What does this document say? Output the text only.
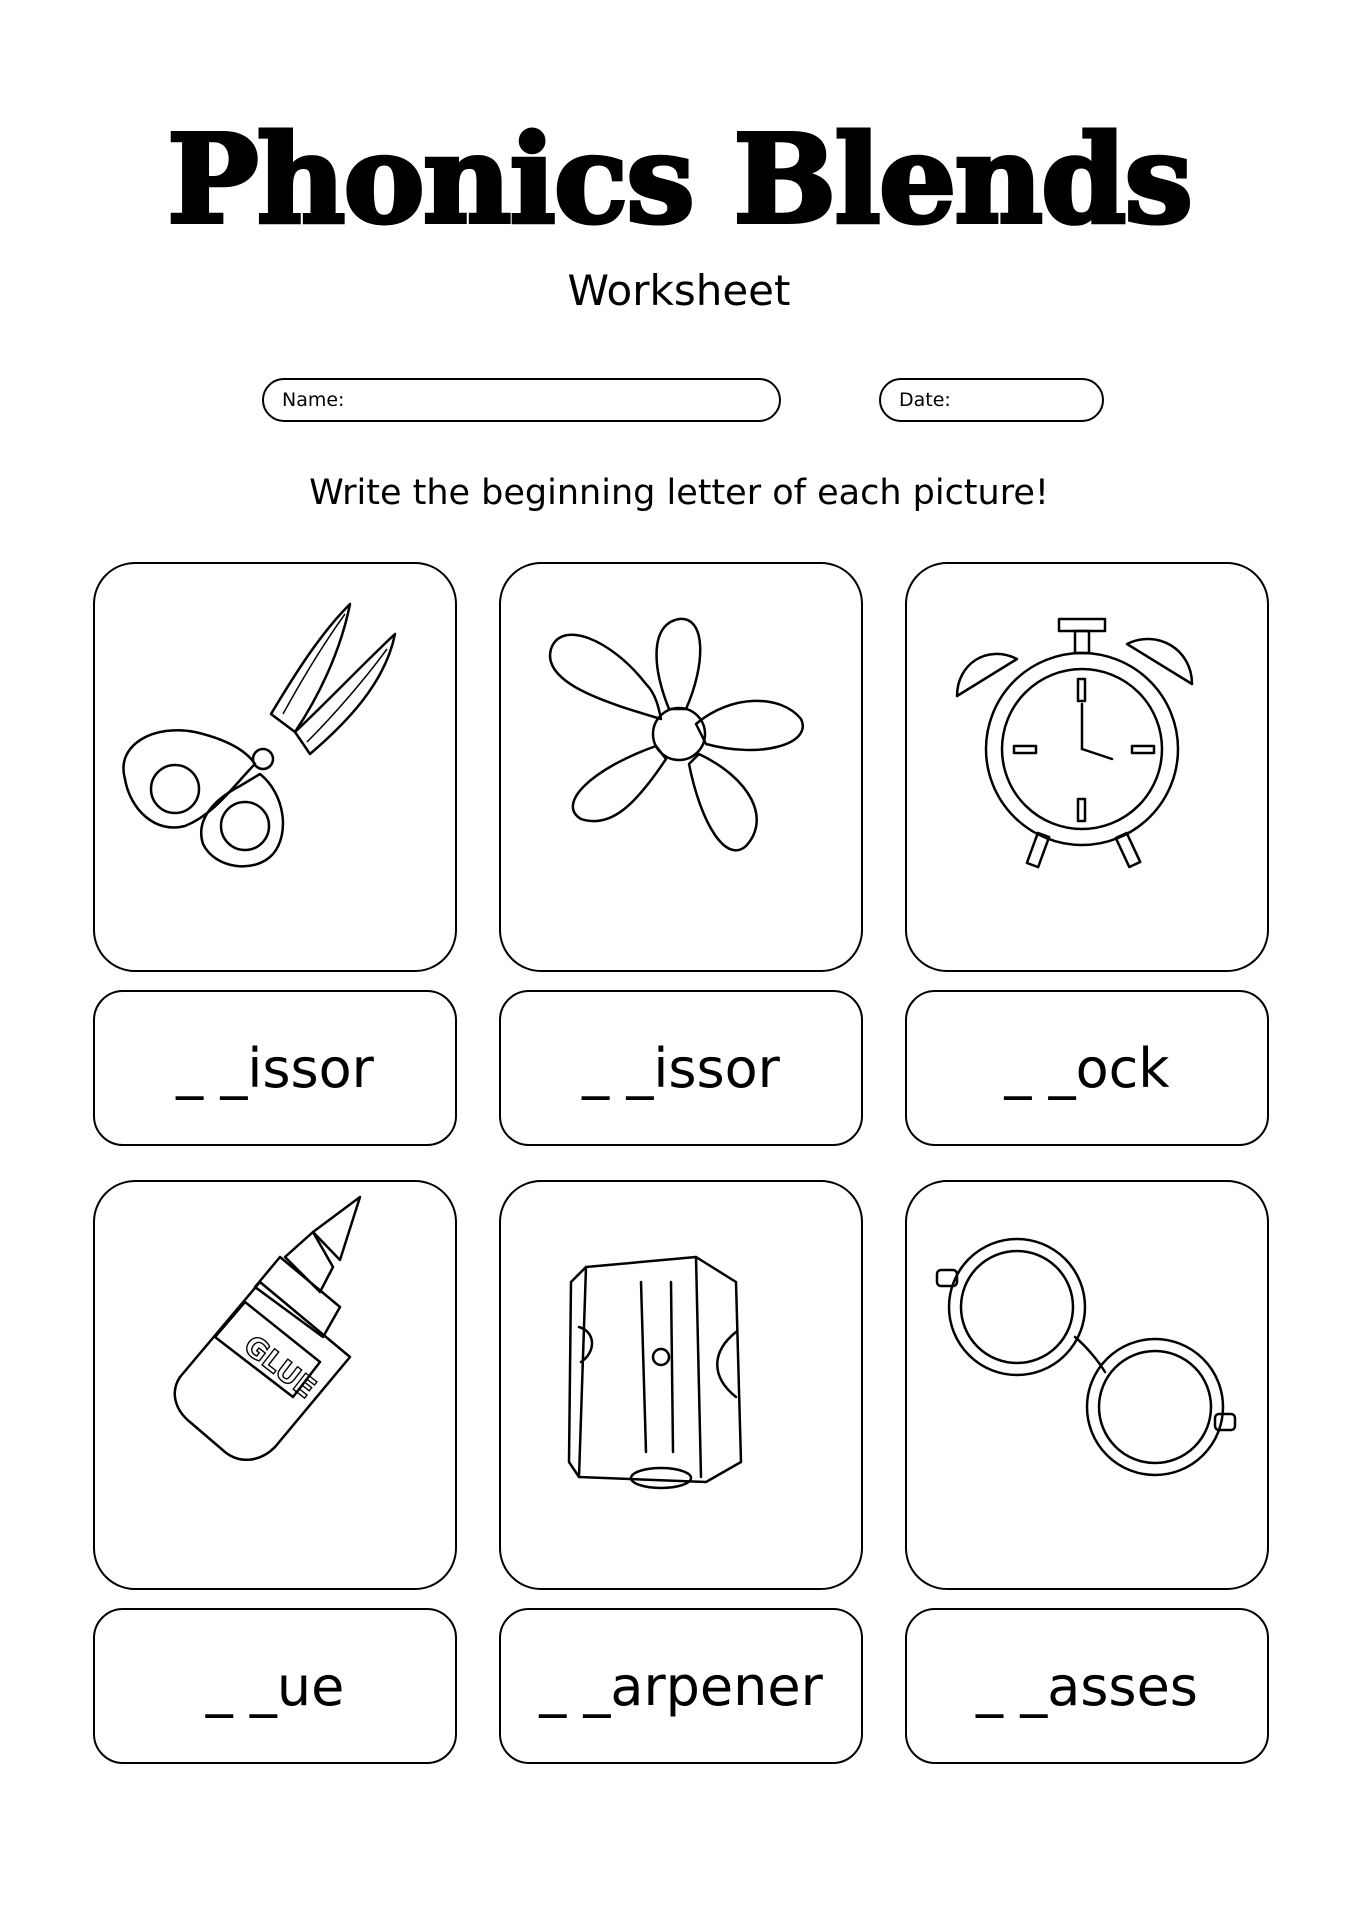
Phonics Blends
Worksheet
Name:	Date:
Write the beginning letter of each picture!
_ _issor	_ _issor	_ _ock
GLUE
_ _ue	_ _arpener	_ _asses
